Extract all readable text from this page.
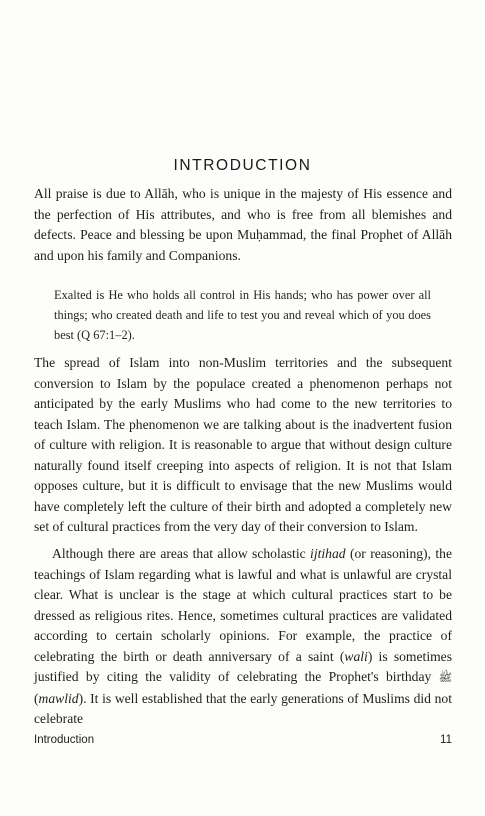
INTRODUCTION

All praise is due to Allāh, who is unique in the majesty of His essence and the perfection of His attributes, and who is free from all blemishes and defects. Peace and blessing be upon Muḥammad, the final Prophet of Allāh and upon his family and Companions.

Exalted is He who holds all control in His hands; who has power over all things; who created death and life to test you and reveal which of you does best (Q 67:1–2).

The spread of Islam into non-Muslim territories and the subsequent conversion to Islam by the populace created a phenomenon perhaps not anticipated by the early Muslims who had come to the new territories to teach Islam. The phenomenon we are talking about is the inadvertent fusion of culture with religion. It is reasonable to argue that without design culture naturally found itself creeping into aspects of religion. It is not that Islam opposes culture, but it is difficult to envisage that the new Muslims would have completely left the culture of their birth and adopted a completely new set of cultural practices from the very day of their conversion to Islam.

Although there are areas that allow scholastic ijtihad (or reasoning), the teachings of Islam regarding what is lawful and what is unlawful are crystal clear. What is unclear is the stage at which cultural practices start to be dressed as religious rites. Hence, sometimes cultural practices are validated according to certain scholarly opinions. For example, the practice of celebrating the birth or death anniversary of a saint (wali) is sometimes justified by citing the validity of celebrating the Prophet's birthday ﷺ (mawlid). It is well established that the early generations of Muslims did not celebrate

Introduction	11
